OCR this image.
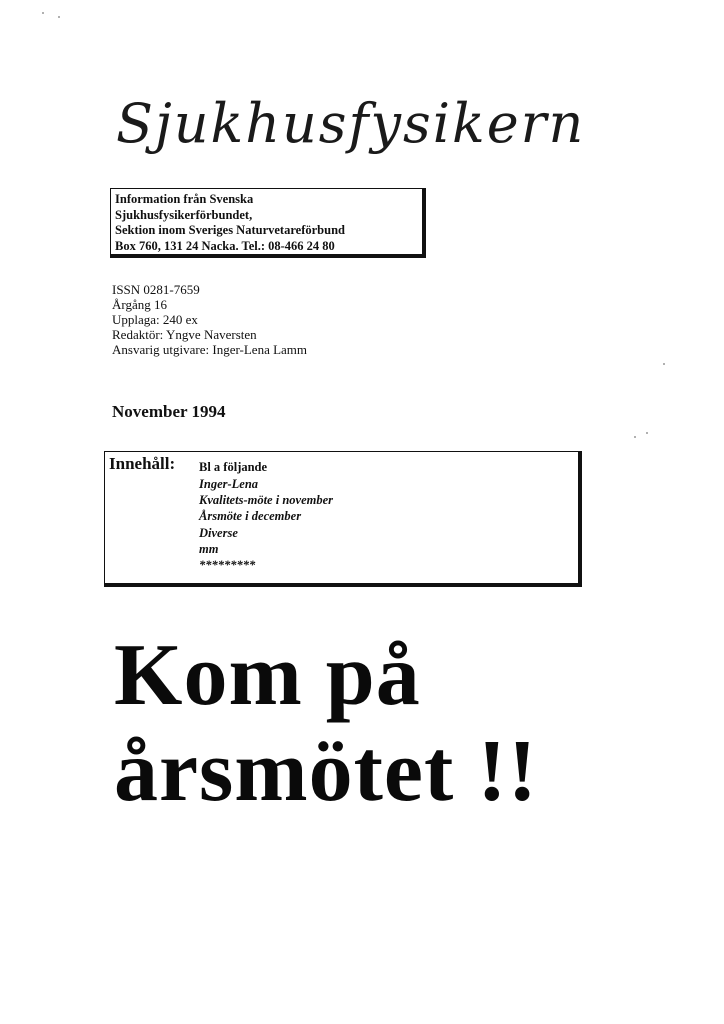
Sjukhusfysikern
Information från Svenska
Sjukhusfysikerförbundet,
Sektion inom Sveriges Naturvetareförbund
Box 760, 131 24 Nacka. Tel.: 08-466 24 80
ISSN 0281-7659
Årgång 16
Upplaga: 240 ex
Redaktör: Yngve Naversten
Ansvarig utgivare: Inger-Lena Lamm
November 1994
Innehåll: Bl a följande
Inger-Lena
Kvalitets-möte i november
Årsmöte i december
Diverse
mm
*********
Kom på
årsmötet !!
